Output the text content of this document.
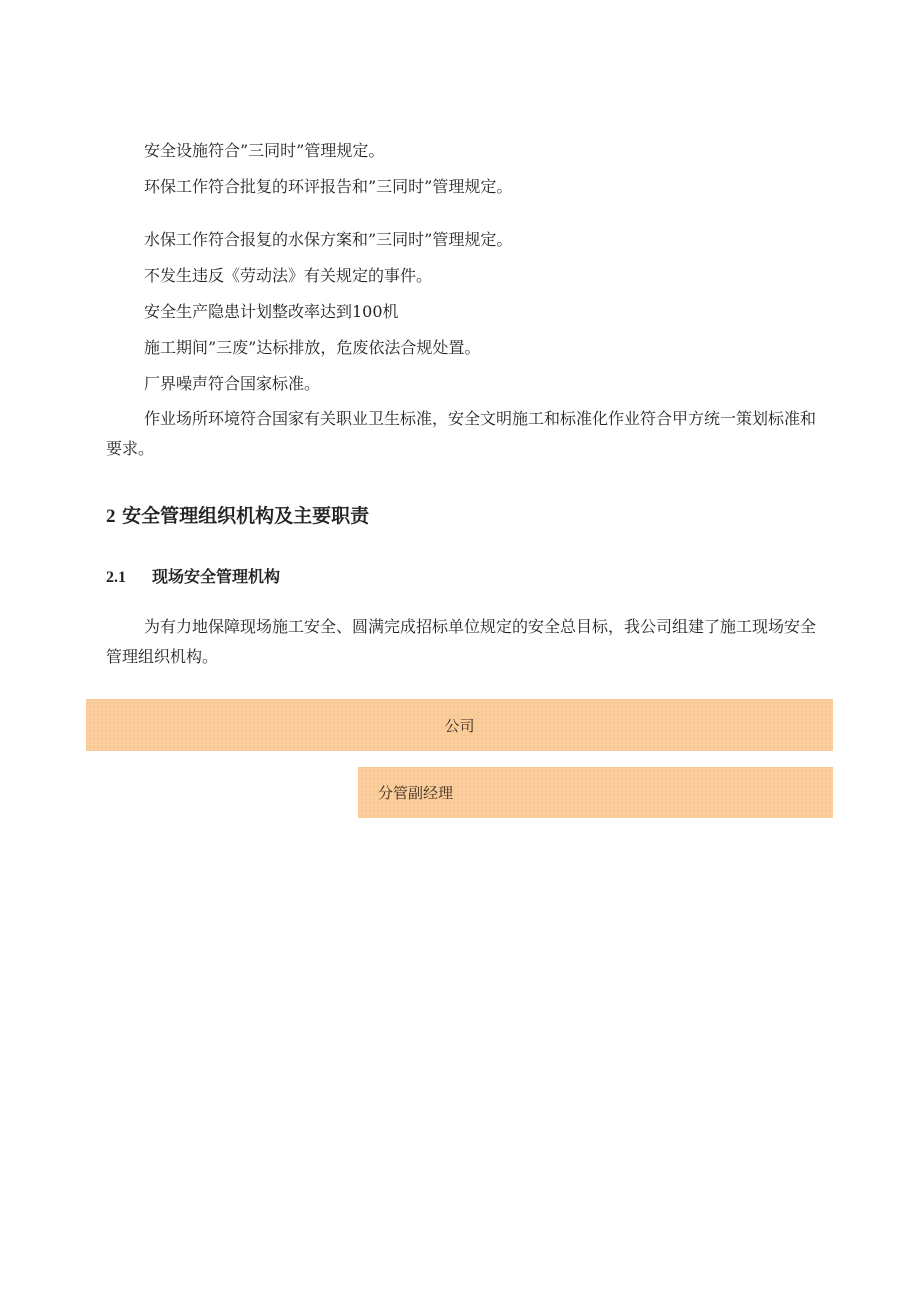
安全设施符合”三同时”管理规定。

环保工作符合批复的环评报告和”三同时”管理规定。

水保工作符合报复的水保方案和”三同时”管理规定。

不发生违反《劳动法》有关规定的事件。

安全生产隐患计划整改率达到100机

施工期间”三废”达标排放，危废依法合规处置。

厂界噪声符合国家标准。

作业场所环境符合国家有关职业卫生标准，安全文明施工和标准化作业符合甲方统一策划标准和要求。

2 安全管理组织机构及主要职责
2.1 现场安全管理机构

为有力地保障现场施工安全、圆满完成招标单位规定的安全总目标，我公司组建了施工现场安全管理组织机构。

公司
分管副经理
